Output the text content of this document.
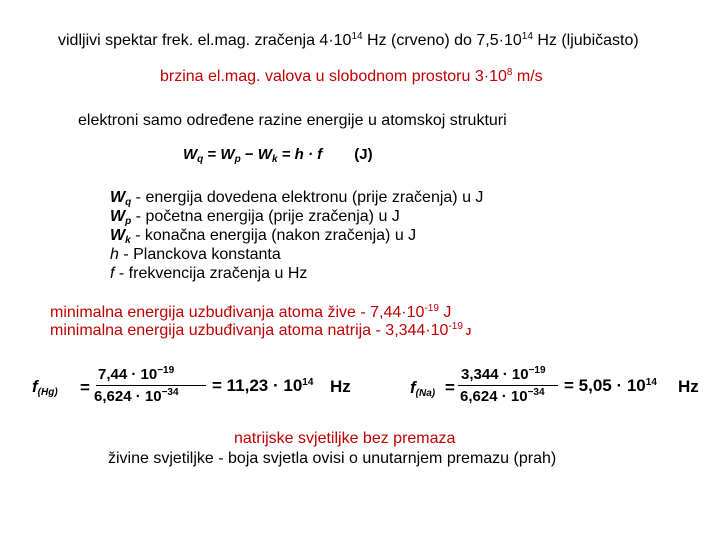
vidljivi spektar frek. el.mag. zračenja $4\cdot 10^{14}$ Hz (crveno) do $7,5\cdot 10^{14}$ Hz (ljubičasto)
brzina el.mag. valova u slobodnom prostoru $3\cdot 10^8$ m/s
elektroni samo određene razine energije u atomskoj strukturi
$W_q = W_p - W_k = h \cdot f$ (J)
$W_q$ - energija dovedena elektronu (prije zračenja) u J
$W_p$ - početna energija (prije zračenja) u J
$W_k$ - konačna energija (nakon zračenja) u J
h - Planckova konstanta
f - frekvencija zračenja u Hz
minimalna energija uzbuđivanja atoma žive - $7,44\cdot 10^{-19}$ J
minimalna energija uzbuđivanja atoma natrija - $3,344\cdot 10^{-19}$ J
$f_{(Hg)}$ =
$7,44 \cdot 10^{-19}$
$6,624 \cdot 10^{-34} = 11,23 \cdot 10^{14}$ Hz	$f_{(Na)}$ =
$3,344 \cdot 10^{-19}$
$6,624 \cdot 10^{-34} = 5,05 \cdot 10^{14}$ Hz
natrijske svjetiljke bez premaza
živine svjetiljke - boja svjetla ovisi o unutarnjem premazu (prah)
